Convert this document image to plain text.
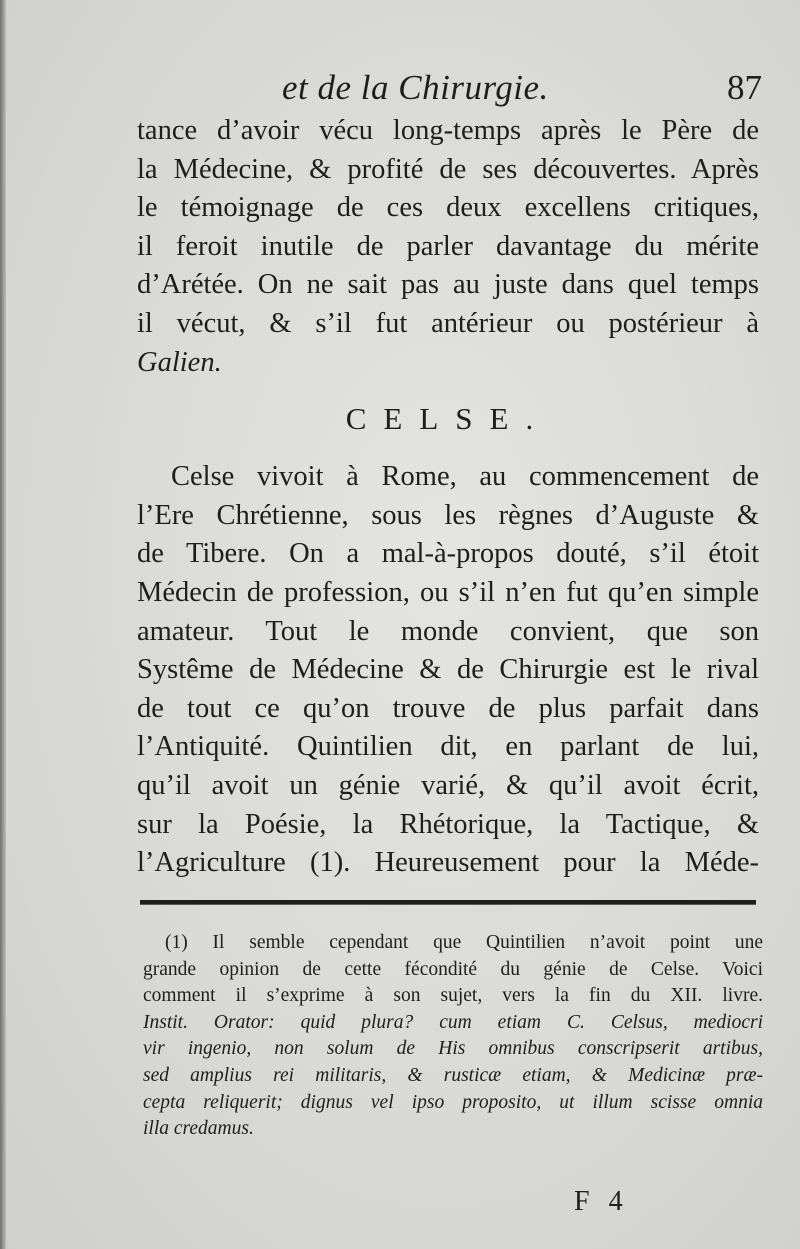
et de la Chirurgie.	87
tance d’avoir vécu long-temps après le Père de
la Médecine, & profité de ses découvertes. Après
le témoignage de ces deux excellens critiques,
il feroit inutile de parler davantage du mérite
d’Arétée. On ne sait pas au juste dans quel temps
il vécut, & s’il fut antérieur ou postérieur à
Galien.
CELSE.
Celse vivoit à Rome, au commencement de
l’Ere Chrétienne, sous les règnes d’Auguste &
de Tibere. On a mal-à-propos douté, s’il étoit
Médecin de profession, ou s’il n’en fut qu’en simple
amateur. Tout le monde convient, que son
Systême de Médecine & de Chirurgie est le rival
de tout ce qu’on trouve de plus parfait dans
l’Antiquité. Quintilien dit, en parlant de lui,
qu’il avoit un génie varié, & qu’il avoit écrit,
sur la Poésie, la Rhétorique, la Tactique, &
l’Agriculture (1). Heureusement pour la Méde-
(1) Il semble cependant que Quintilien n’avoit point une
grande opinion de cette fécondité du génie de Celse. Voici
comment il s’exprime à son sujet, vers la fin du XII. livre.
Instit. Orator: quid plura? cum etiam C. Celsus, mediocri
vir ingenio, non solum de His omnibus conscripserit artibus,
sed amplius rei militaris, & rusticæ etiam, & Medicinæ præ-
cepta reliquerit; dignus vel ipso proposito, ut illum scisse omnia
illa credamus.
F 4
